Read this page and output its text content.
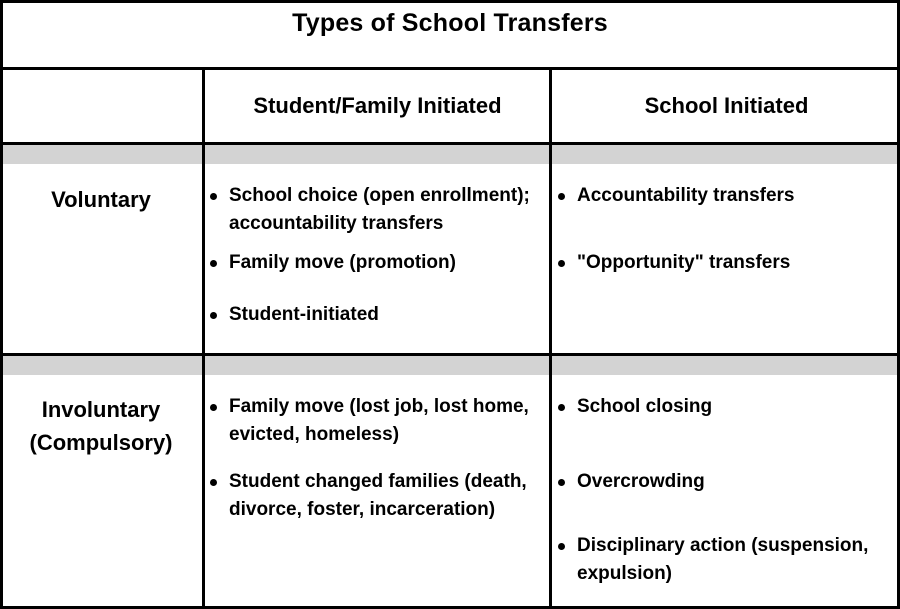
Types of School Transfers
Student/Family Initiated	School Initiated
Voluntary	School choice (open enrollment); accountability transfers
Family move (promotion)
Student-initiated
Accountability transfers
"Opportunity" transfers
Involuntary
(Compulsory)
Family move (lost job, lost home, evicted, homeless)
Student changed families (death, divorce, foster, incarceration)
School closing
Overcrowding
Disciplinary action (suspension, expulsion)
